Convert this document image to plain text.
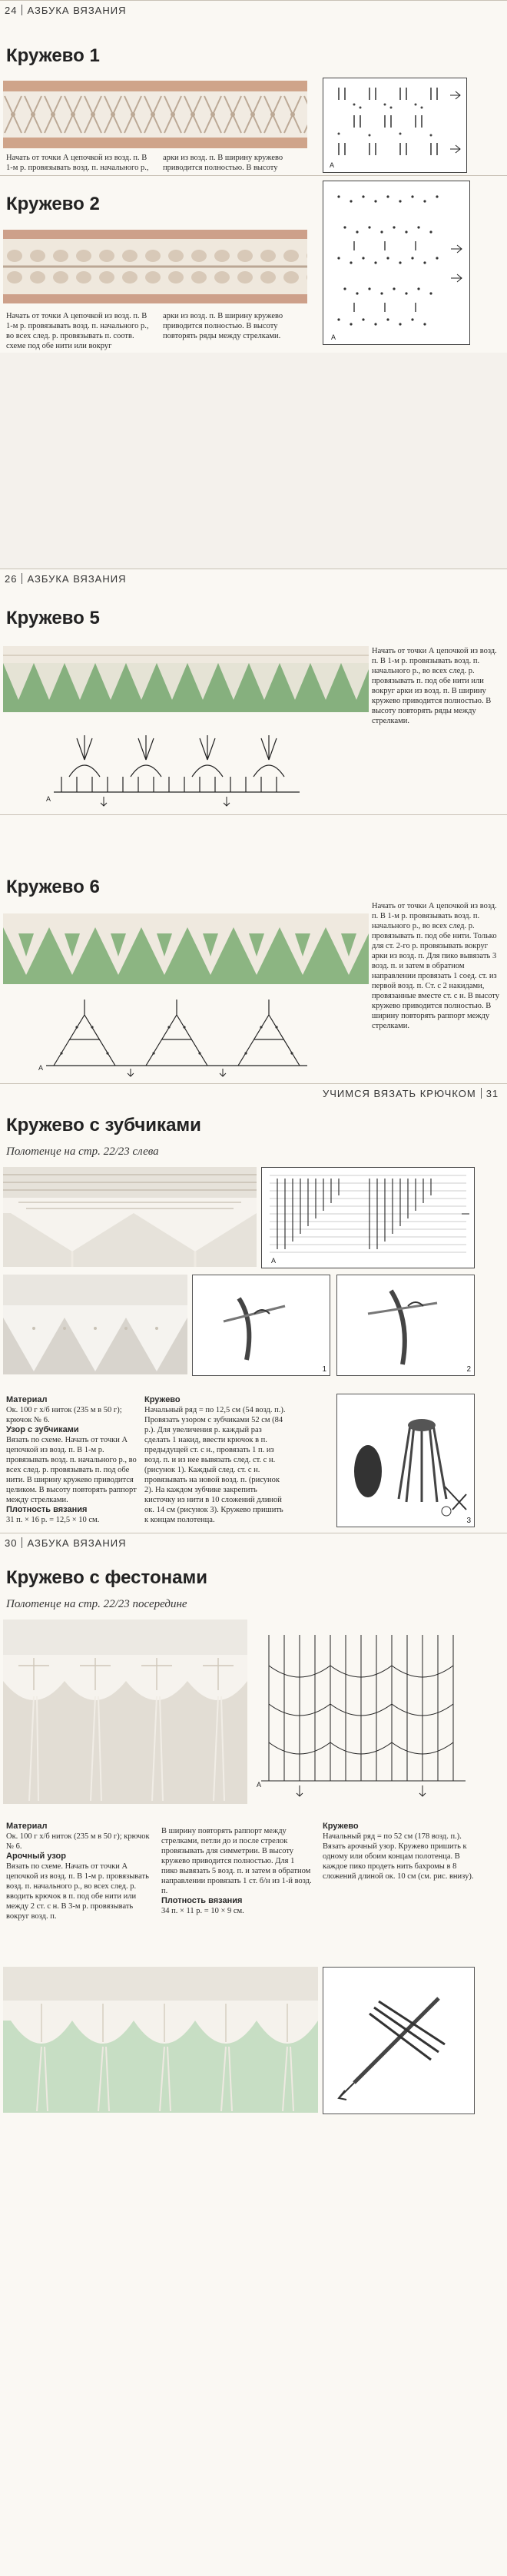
24 АЗБУКА ВЯЗАНИЯ
Кружево 1
Начать от точки А цепочкой из возд. п. В 1-м р. провязывать возд. п. начального р.,
арки из возд. п. В ширину кружево приводится полностью. В высоту	A
Кружево 2
Начать от точки А цепочкой из возд. п. В 1-м р. провязывать возд. п. начального р., во всех след. р. провязывать п. соотв. схеме под обе нити или вокруг
арки из возд. п. В ширину кружево приводится полностью. В высоту повторять ряды между стрелками.	A
26 АЗБУКА ВЯЗАНИЯ
Кружево 5
Начать от точки А цепочкой из возд. п. В 1-м р. провязывать возд. п. начального р., во всех след. р. провязывать п. под обе нити или вокруг арки из возд. п. В ширину кружево приводится полностью. В высоту повторять ряды между стрелками.
A
Кружево 6
Начать от точки А цепочкой из возд. п. В 1-м р. провязывать возд. п. начального р., во всех след. р. провязывать п. под обе нити. Только для ст. 2-го р. провязывать вокруг арки из возд. п. Для пико вывязать 3 возд. п. и затем в обратном направлении провязать 1 соед. ст. из первой возд. п. Ст. с 2 накидами, провязанные вместе ст. с н. В высоту кружево приводится полностью. В ширину повторять раппорт между стрелками.
A
УЧИМСЯ ВЯЗАТЬ КРЮЧКОМ 31
Кружево с зубчиками
Полотенце на стр. 22/23 слева
A
1	2

Материал

Ок. 100 г х/б ниток (235 м в 50 г); крючок № 6.

Узор с зубчиками

Вязать по схеме. Начать от точки А цепочкой из возд. п. В 1-м р. провязывать возд. п. начального р., во всех след. р. провязывать п. под обе нити. В ширину кружево приводится целиком. В высоту повторять раппорт между стрелками.

Плотность вязания

31 п. × 16 р. = 12,5 × 10 см.

Кружево

Начальный ряд = по 12,5 см (54 возд. п.). Провязать узором с зубчиками 52 см (84 р.). Для увеличения р. каждый раз сделать 1 накид, ввести крючок в п. предыдущей ст. с н., провязать 1 п. из возд. п. и из нее вывязать след. ст. с н. (рисунок 1). Каждый след. ст. с н. провязывать на новой возд. п. (рисунок 2). На каждом зубчике закрепить кисточку из нити в 10 сложений длиной ок. 14 см (рисунок 3). Кружево пришить к концам полотенца.	3
30 АЗБУКА ВЯЗАНИЯ
Кружево с фестонами
Полотенце на стр. 22/23 посередине
A

Материал

Ок. 100 г х/б ниток (235 м в 50 г); крючок № 6.

Арочный узор

Вязать по схеме. Начать от точки А цепочкой из возд. п. В 1-м р. провязывать возд. п. начального р., во всех след. р. вводить крючок в п. под обе нити или между 2 ст. с н. В 3-м р. провязывать вокруг возд. п.

В ширину повторять раппорт между стрелками, петли до и после стрелок провязывать для симметрии. В высоту кружево приводится полностью. Для 1 пико вывязать 5 возд. п. и затем в обратном направлении провязать 1 ст. б/н из 1-й возд. п.

Плотность вязания

34 п. × 11 р. = 10 × 9 см.

Кружево

Начальный ряд = по 52 см (178 возд. п.). Вязать арочный узор. Кружево пришить к одному или обоим концам полотенца. В каждое пико продеть нить бахромы в 8 сложений длиной ок. 10 см (см. рис. внизу).
